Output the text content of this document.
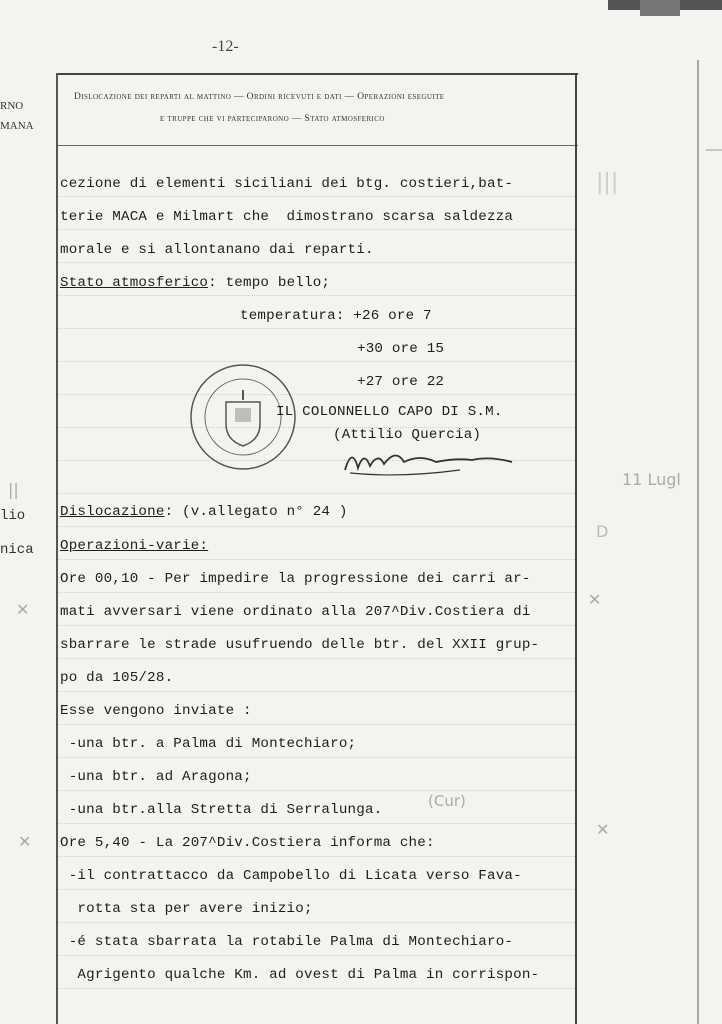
-12-
Dislocazione dei reparti al mattino — Ordini ricevuti e dati — Operazioni eseguite
e truppe che vi parteciparono — Stato atmosferico
RNO
MANA
lio
nica
||
✕
✕
cezione di elementi siciliani dei btg. costieri,bat-
terie MACA e Milmart che  dimostrano scarsa saldezza
morale e si allontanano dai reparti.
Stato atmosferico: tempo bello;
temperatura: +26 ore 7
+30 ore 15
+27 ore 22
IL COLONNELLO CAPO DI S.M.
(Attilio Quercia)
Dislocazione: (v.allegato n° 24 )
Operazioni-varie:
Ore 00,10 - Per impedire la progressione dei carri ar-
mati avversari viene ordinato alla 207^Div.Costiera di
sbarrare le strade usufruendo delle btr. del XXII grup-
po da 105/28.
Esse vengono inviate :
-una btr. a Palma di Montechiaro;
-una btr. ad Aragona;
-una btr.alla Stretta di Serralunga.
Ore 5,40 - La 207^Div.Costiera informa che:
-il contrattacco da Campobello di Licata verso Fava-
rotta sta per avere inizio;
-é stata sbarrata la rotabile Palma di Montechiaro-
Agrigento qualche Km. ad ovest di Palma in corrispon-
(Cur)
|||
11 Lugl
D
✕
✕
